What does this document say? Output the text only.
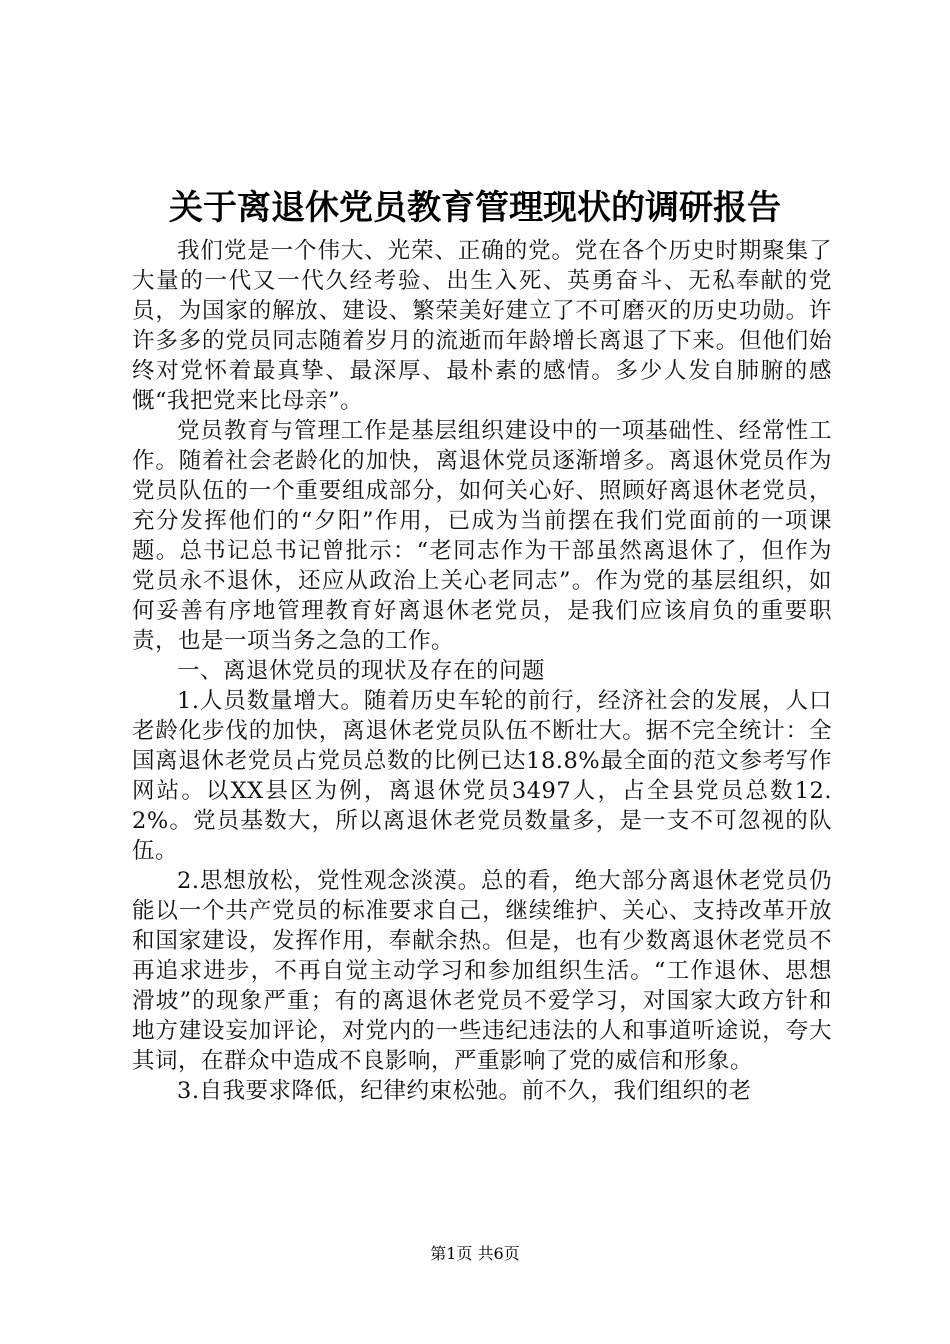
关于离退休党员教育管理现状的调研报告

我们党是一个伟大、光荣、正确的党。党在各个历史时期聚集了大量的一代又一代久经考验、出生入死、英勇奋斗、无私奉献的党员，为国家的解放、建设、繁荣美好建立了不可磨灭的历史功勋。许许多多的党员同志随着岁月的流逝而年龄增长离退了下来。但他们始终对党怀着最真挚、最深厚、最朴素的感情。多少人发自肺腑的感慨“我把党来比母亲”。

党员教育与管理工作是基层组织建设中的一项基础性、经常性工作。随着社会老龄化的加快，离退休党员逐渐增多。离退休党员作为党员队伍的一个重要组成部分，如何关心好、照顾好离退休老党员，充分发挥他们的“夕阳”作用，已成为当前摆在我们党面前的一项课题。总书记总书记曾批示：“老同志作为干部虽然离退休了，但作为党员永不退休，还应从政治上关心老同志”。作为党的基层组织，如何妥善有序地管理教育好离退休老党员，是我们应该肩负的重要职责，也是一项当务之急的工作。

一、离退休党员的现状及存在的问题

1.人员数量增大。随着历史车轮的前行，经济社会的发展，人口老龄化步伐的加快，离退休老党员队伍不断壮大。据不完全统计：全国离退休老党员占党员总数的比例已达18.8%最全面的范文参考写作网站。以XX县区为例，离退休党员3497人，占全县党员总数12.2%。党员基数大，所以离退休老党员数量多，是一支不可忽视的队伍。

2.思想放松，党性观念淡漠。总的看，绝大部分离退休老党员仍能以一个共产党员的标准要求自己，继续维护、关心、支持改革开放和国家建设，发挥作用，奉献余热。但是，也有少数离退休老党员不再追求进步，不再自觉主动学习和参加组织生活。“工作退休、思想滑坡”的现象严重；有的离退休老党员不爱学习，对国家大政方针和地方建设妄加评论，对党内的一些违纪违法的人和事道听途说，夸大其词，在群众中造成不良影响，严重影响了党的威信和形象。

3.自我要求降低，纪律约束松弛。前不久，我们组织的老

第1页 共6页
